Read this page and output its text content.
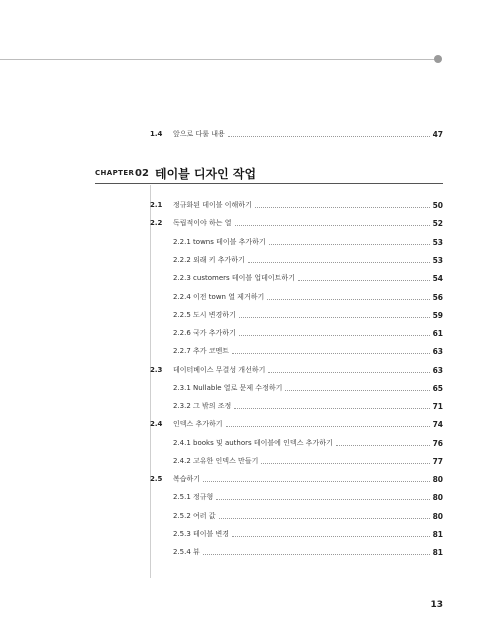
1.4	앞으로 다룰 내용	47
CHAPTER 02 테이블 디자인 작업
2.1	정규화된 데이블 이해하기	50
2.2	독립적이야 하는 열	52
2.2.1 towns 테이블 추가하기	53
2.2.2 외래 키 추가하기	53
2.2.3 customers 테이블 업데이트하기	54
2.2.4 이전 town 열 제거하기	56
2.2.5 도시 변경하기	59
2.2.6 국가 추가하기	61
2.2.7 추가 코멘트	63
2.3	데이터베이스 무결성 개선하기	63
2.3.1 Nullable 열로 문제 수정하기	65
2.3.2 그 밖의 조정	71
2.4	인덱스 추가하기	74
2.4.1 books 및 authors 테이블에 인덱스 추가하기	76
2.4.2 고유한 인덱스 만들기	77
2.5	복습하기	80
2.5.1 정규형	80
2.5.2 여러 값	80
2.5.3 테이블 변경	81
2.5.4 뷰	81
13
